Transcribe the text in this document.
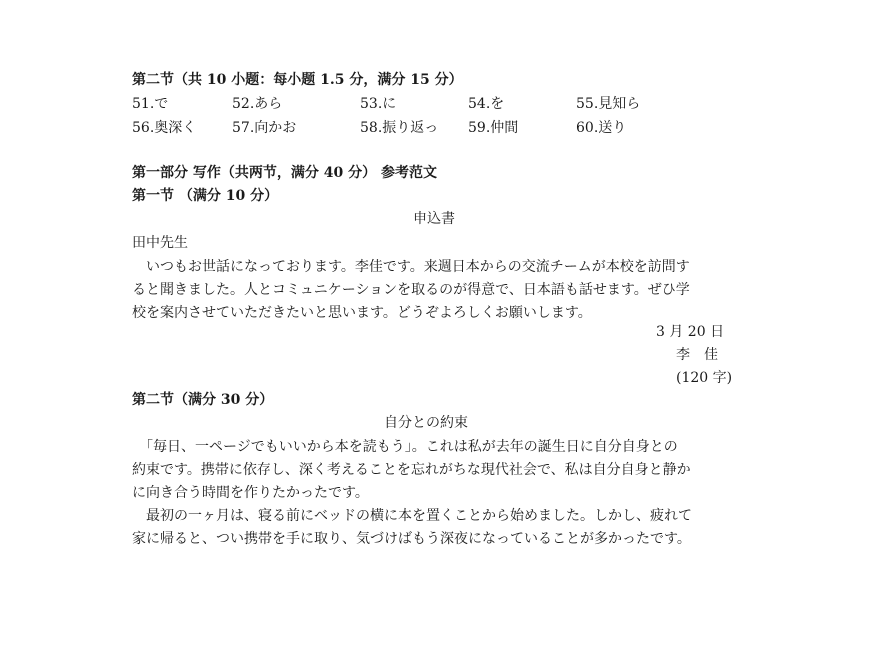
第二节（共 10 小题：每小题 1.5 分，满分 15 分）
51.で	52.あら	53.に	54.を	55.見知ら
56.奥深く	57.向かお	58.振り返っ 59.仲間	60.送り
第一部分 写作（共两节，满分 40 分） 参考范文
第一节 （满分 10 分）
申込書
田中先生
　いつもお世話になっております。李佳です。来週日本からの交流チームが本校を訪問す
ると聞きました。人とコミュニケーションを取るのが得意で、日本語も話せます。ぜひ学
校を案内させていただきたいと思います。どうぞよろしくお願いします。
3 月 20 日
李　佳
(120 字)
第二节（满分 30 分）
自分との約束
　「毎日、一ページでもいいから本を読もう」。これは私が去年の誕生日に自分自身との
約束です。携帯に依存し、深く考えることを忘れがちな現代社会で、私は自分自身と静か
に向き合う時間を作りたかったです。
　最初の一ヶ月は、寝る前にベッドの横に本を置くことから始めました。しかし、疲れて
家に帰ると、つい携帯を手に取り、気づけばもう深夜になっていることが多かったです。
